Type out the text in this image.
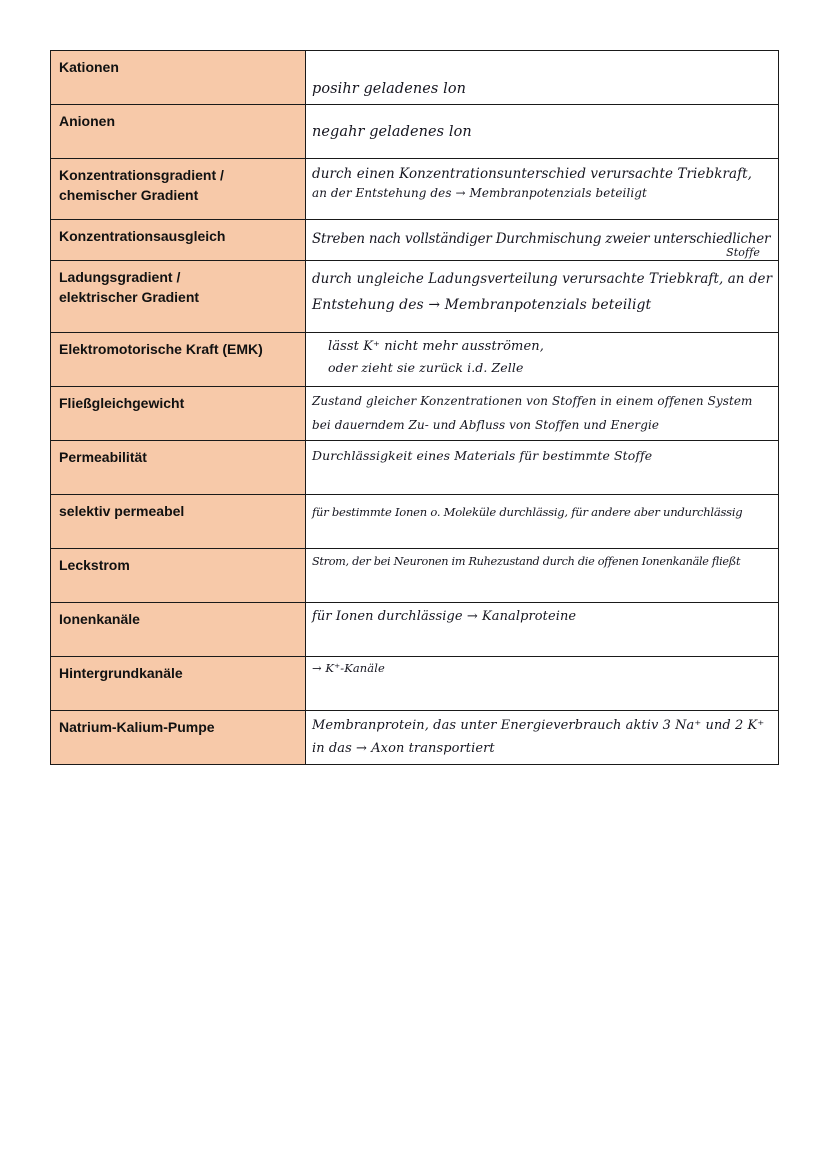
Kationen	posihr geladenes lon

Anionen	negahr geladenes lon

Konzentrationsgradient /
chemischer Gradient	durch einen Konzentrationsunterschied verursachte Triebkraft,
an der Entstehung des → Membranpotenzials beteiligt

Konzentrationsausgleich	Streben nach vollständiger Durchmischung zweier unterschiedlicher
Stoffe

Ladungsgradient /
elektrischer Gradient	durch ungleiche Ladungsverteilung verursachte Triebkraft, an der
Entstehung des → Membranpotenzials beteiligt

Elektromotorische Kraft (EMK)	lässt K⁺ nicht mehr ausströmen,
oder zieht sie zurück i.d. Zelle

Fließgleichgewicht	Zustand gleicher Konzentrationen von Stoffen in einem offenen System
bei dauerndem Zu- und Abfluss von Stoffen und Energie

Permeabilität	Durchlässigkeit eines Materials für bestimmte Stoffe

selektiv permeabel	für bestimmte Ionen o. Moleküle durchlässig, für andere aber undurchlässig

Leckstrom	Strom, der bei Neuronen im Ruhezustand durch die offenen Ionenkanäle fließt

Ionenkanäle	für Ionen durchlässige → Kanalproteine

Hintergrundkanäle	→ K⁺-Kanäle

Natrium-Kalium-Pumpe	Membranprotein, das unter Energieverbrauch aktiv 3 Na⁺ und 2 K⁺
in das → Axon transportiert
